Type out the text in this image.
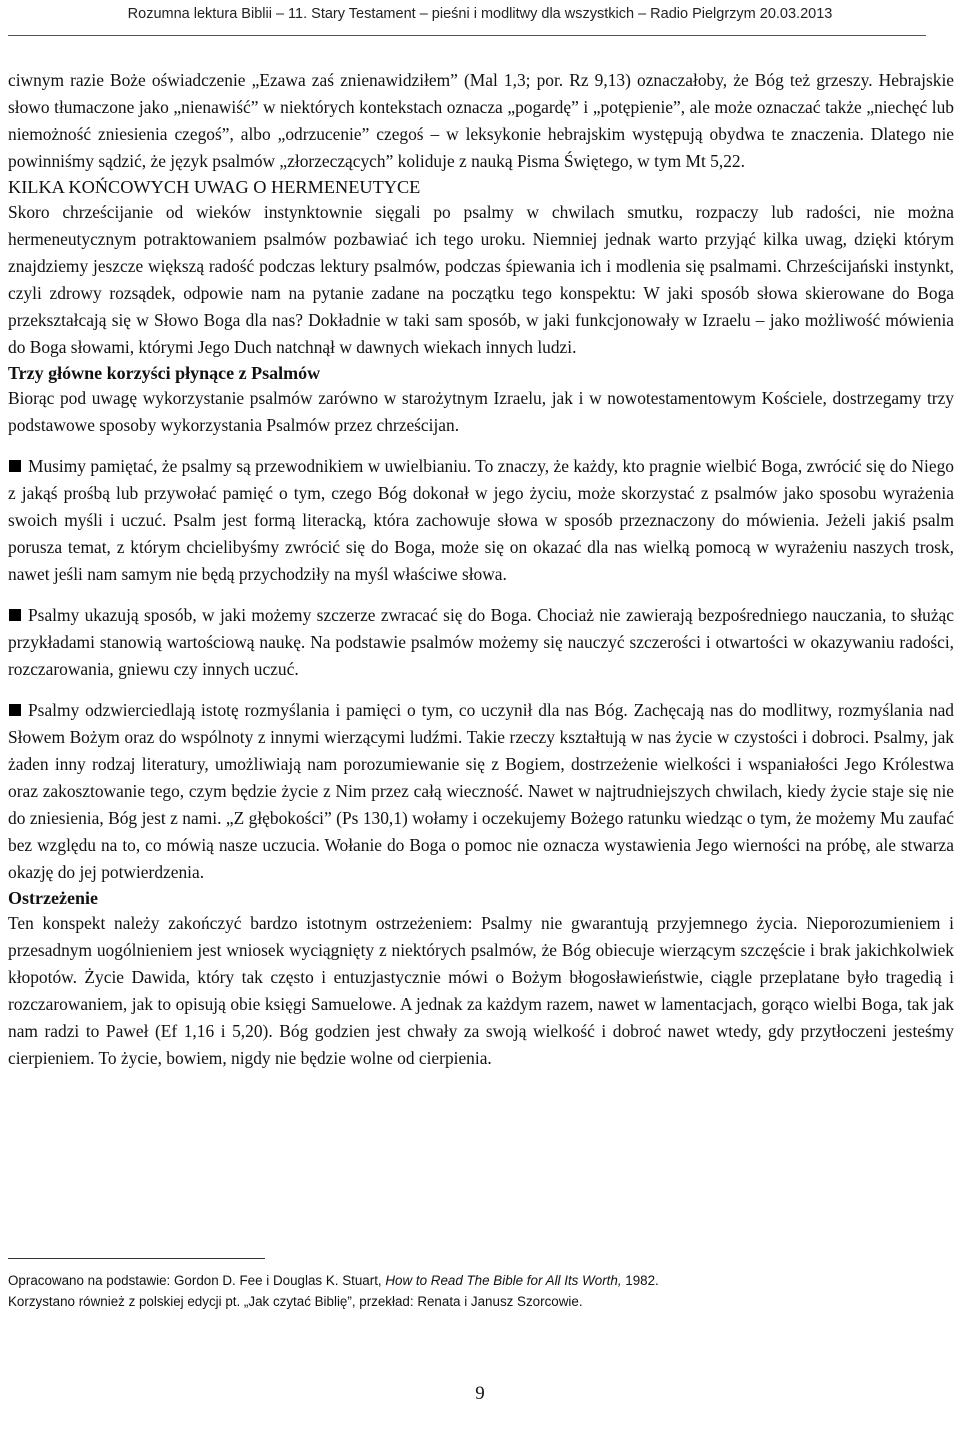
Rozumna lektura Biblii – 11. Stary Testament – pieśni i modlitwy dla wszystkich – Radio Pielgrzym 20.03.2013

ciwnym razie Boże oświadczenie „Ezawa zaś znienawidziłem” (Mal 1,3; por. Rz 9,13) oznaczałoby, że Bóg też grzeszy. Hebrajskie słowo tłumaczone jako „nienawiść” w niektórych kontekstach oznacza „pogardę” i „potępienie”, ale może oznaczać także „niechęć lub niemożność zniesienia czegoś”, albo „odrzucenie” czegoś – w leksykonie hebrajskim występują obydwa te znaczenia. Dlatego nie powinniśmy sądzić, że język psalmów „złorzeczących” koliduje z nauką Pisma Świętego, w tym Mt 5,22.

KILKA KOŃCOWYCH UWAG O HERMENEUTYCE

Skoro chrześcijanie od wieków instynktownie sięgali po psalmy w chwilach smutku, rozpaczy lub radości, nie można hermeneutycznym potraktowaniem psalmów pozbawiać ich tego uroku. Niemniej jednak warto przyjąć kilka uwag, dzięki którym znajdziemy jeszcze większą radość podczas lektury psalmów, podczas śpiewania ich i modlenia się psalmami. Chrześcijański instynkt, czyli zdrowy rozsądek, odpowie nam na pytanie zadane na początku tego konspektu: W jaki sposób słowa skierowane do Boga przekształcają się w Słowo Boga dla nas? Dokładnie w taki sam sposób, w jaki funkcjonowały w Izraelu – jako możliwość mówienia do Boga słowami, którymi Jego Duch natchnął w dawnych wiekach innych ludzi.

Trzy główne korzyści płynące z Psalmów

Biorąc pod uwagę wykorzystanie psalmów zarówno w starożytnym Izraelu, jak i w nowotestamentowym Kościele, dostrzegamy trzy podstawowe sposoby wykorzystania Psalmów przez chrześcijan.

Musimy pamiętać, że psalmy są przewodnikiem w uwielbianiu. To znaczy, że każdy, kto pragnie wielbić Boga, zwrócić się do Niego z jakąś prośbą lub przywołać pamięć o tym, czego Bóg dokonał w jego życiu, może skorzystać z psalmów jako sposobu wyrażenia swoich myśli i uczuć. Psalm jest formą literacką, która zachowuje słowa w sposób przeznaczony do mówienia. Jeżeli jakiś psalm porusza temat, z którym chcielibyśmy zwrócić się do Boga, może się on okazać dla nas wielką pomocą w wyrażeniu naszych trosk, nawet jeśli nam samym nie będą przychodziły na myśl właściwe słowa.

Psalmy ukazują sposób, w jaki możemy szczerze zwracać się do Boga. Chociaż nie zawierają bezpośredniego nauczania, to służąc przykładami stanowią wartościową naukę. Na podstawie psalmów możemy się nauczyć szczerości i otwartości w okazywaniu radości, rozczarowania, gniewu czy innych uczuć.

Psalmy odzwierciedlają istotę rozmyślania i pamięci o tym, co uczynił dla nas Bóg. Zachęcają nas do modlitwy, rozmyślania nad Słowem Bożym oraz do wspólnoty z innymi wierzącymi ludźmi. Takie rzeczy kształtują w nas życie w czystości i dobroci. Psalmy, jak żaden inny rodzaj literatury, umożliwiają nam porozumiewanie się z Bogiem, dostrzeżenie wielkości i wspaniałości Jego Królestwa oraz zakosztowanie tego, czym będzie życie z Nim przez całą wieczność. Nawet w najtrudniejszych chwilach, kiedy życie staje się nie do zniesienia, Bóg jest z nami. „Z głębokości” (Ps 130,1) wołamy i oczekujemy Bożego ratunku wiedząc o tym, że możemy Mu zaufać bez względu na to, co mówią nasze uczucia. Wołanie do Boga o pomoc nie oznacza wystawienia Jego wierności na próbę, ale stwarza okazję do jej potwierdzenia.

Ostrzeżenie

Ten konspekt należy zakończyć bardzo istotnym ostrzeżeniem: Psalmy nie gwarantują przyjemnego życia. Nieporozumieniem i przesadnym uogólnieniem jest wniosek wyciągnięty z niektórych psalmów, że Bóg obiecuje wierzącym szczęście i brak jakichkolwiek kłopotów. Życie Dawida, który tak często i entuzjastycznie mówi o Bożym błogosławieństwie, ciągle przeplatane było tragedią i rozczarowaniem, jak to opisują obie księgi Samuelowe. A jednak za każdym razem, nawet w lamentacjach, gorąco wielbi Boga, tak jak nam radzi to Paweł (Ef 1,16 i 5,20). Bóg godzien jest chwały za swoją wielkość i dobroć nawet wtedy, gdy przytłoczeni jesteśmy cierpieniem. To życie, bowiem, nigdy nie będzie wolne od cierpienia.

Opracowano na podstawie: Gordon D. Fee i Douglas K. Stuart, How to Read The Bible for All Its Worth, 1982.

Korzystano również z polskiej edycji pt. „Jak czytać Biblię”, przekład: Renata i Janusz Szorcowie.

9
